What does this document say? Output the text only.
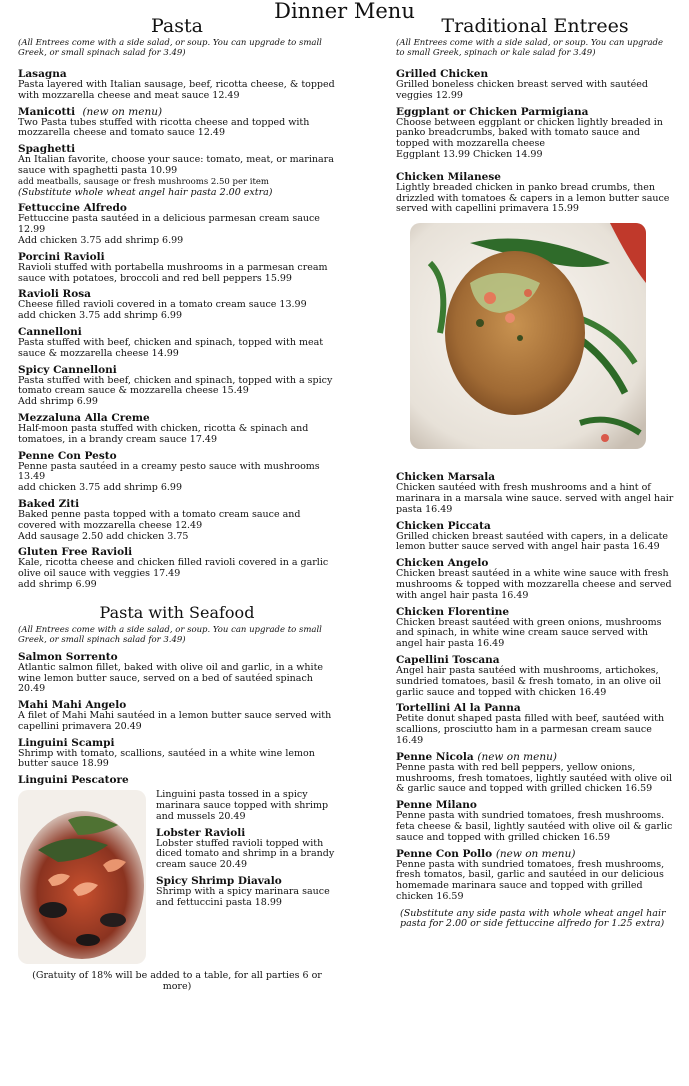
Dinner Menu
Pasta
(All Entrees come with a side salad, or soup. You can upgrade to small Greek, or small spinach salad for 3.49)
Lasagna
Pasta layered with Italian sausage, beef, ricotta cheese, & topped with mozzarella cheese and meat sauce 12.49
Manicotti (new on menu)
Two Pasta tubes stuffed with ricotta cheese and topped with mozzarella cheese and tomato sauce 12.49
Spaghetti
An Italian favorite, choose your sauce: tomato, meat, or marinara sauce with spaghetti pasta 10.99
add meatballs, sausage or fresh mushrooms 2.50 per item
(Substitute whole wheat angel hair pasta 2.00 extra)
Fettuccine Alfredo
Fettuccine pasta sautéed in a delicious parmesan cream sauce 12.99
Add chicken 3.75 add shrimp 6.99
Porcini Ravioli
Ravioli stuffed with portabella mushrooms in a parmesan cream sauce with potatoes, broccoli and red bell peppers 15.99
Ravioli Rosa
Cheese filled ravioli covered in a tomato cream sauce 13.99
add chicken 3.75 add shrimp 6.99
Cannelloni
Pasta stuffed with beef, chicken and spinach, topped with meat sauce & mozzarella cheese 14.99
Spicy Cannelloni
Pasta stuffed with beef, chicken and spinach, topped with a spicy tomato cream sauce & mozzarella cheese 15.49
Add shrimp 6.99
Mezzaluna Alla Creme
Half-moon pasta stuffed with chicken, ricotta & spinach and tomatoes, in a brandy cream sauce 17.49
Penne Con Pesto
Penne pasta sautéed in a creamy pesto sauce with mushrooms 13.49
add chicken 3.75 add shrimp 6.99
Baked Ziti
Baked penne pasta topped with a tomato cream sauce and covered with mozzarella cheese 12.49
Add sausage 2.50 add chicken 3.75
Gluten Free Ravioli
Kale, ricotta cheese and chicken filled ravioli covered in a garlic olive oil sauce with veggies 17.49
add shrimp 6.99
Pasta with Seafood
(All Entrees come with a side salad, or soup. You can upgrade to small Greek, or small spinach salad for 3.49)
Salmon Sorrento
Atlantic salmon fillet, baked with olive oil and garlic, in a white wine lemon butter sauce, served on a bed of sautéed spinach 20.49
Mahi Mahi Angelo
A filet of Mahi Mahi sautéed in a lemon butter sauce served with capellini primavera 20.49
Linguini Scampi
Shrimp with tomato, scallions, sautéed in a white wine lemon butter sauce 18.99
Linguini Pescatore
Linguini pasta tossed in a spicy marinara sauce topped with shrimp and mussels 20.49
Lobster Ravioli
Lobster stuffed ravioli topped with diced tomato and shrimp in a brandy cream sauce 20.49
Spicy Shrimp Diavalo
Shrimp with a spicy marinara sauce and fettuccini pasta 18.99
(Gratuity of 18% will be added to a table, for all parties 6 or more)
Traditional Entrees
(All Entrees come with a side salad, or soup. You can upgrade to small Greek, spinach or kale salad for 3.49)
Grilled Chicken
Grilled boneless chicken breast served with sautéed veggies 12.99
Eggplant or Chicken Parmigiana
Choose between eggplant or chicken lightly breaded in panko breadcrumbs, baked with tomato sauce and topped with mozzarella cheese
Eggplant 13.99 Chicken 14.99
Chicken Milanese
Lightly breaded chicken in panko bread crumbs, then drizzled with tomatoes & capers in a lemon butter sauce served with capellini primavera 15.99
Chicken Marsala
Chicken sautéed with fresh mushrooms and a hint of marinara in a marsala wine sauce. served with angel hair pasta 16.49
Chicken Piccata
Grilled chicken breast sautéed with capers, in a delicate lemon butter sauce served with angel hair pasta 16.49
Chicken Angelo
Chicken breast sautéed in a white wine sauce with fresh mushrooms & topped with mozzarella cheese and served with angel hair pasta 16.49
Chicken Florentine
Chicken breast sautéed with green onions, mushrooms and spinach, in white wine cream sauce served with angel hair pasta 16.49
Capellini Toscana
Angel hair pasta sautéed with mushrooms, artichokes, sundried tomatoes, basil & fresh tomato, in an olive oil garlic sauce and topped with chicken 16.49
Tortellini Al la Panna
Petite donut shaped pasta filled with beef, sautéed with scallions, prosciutto ham in a parmesan cream sauce 16.49
Penne Nicola (new on menu)
Penne pasta with red bell peppers, yellow onions, mushrooms, fresh tomatoes, lightly sautéed with olive oil & garlic sauce and topped with grilled chicken 16.59
Penne Milano
Penne pasta with sundried tomatoes, fresh mushrooms. feta cheese & basil, lightly sautéed with olive oil & garlic sauce and topped with grilled chicken 16.59
Penne Con Pollo (new on menu)
Penne pasta with sundried tomatoes, fresh mushrooms, fresh tomatos, basil, garlic and sautéed in our delicious homemade marinara sauce and topped with grilled chicken 16.59
(Substitute any side pasta with whole wheat angel hair pasta for 2.00 or side fettuccine alfredo for 1.25 extra)
